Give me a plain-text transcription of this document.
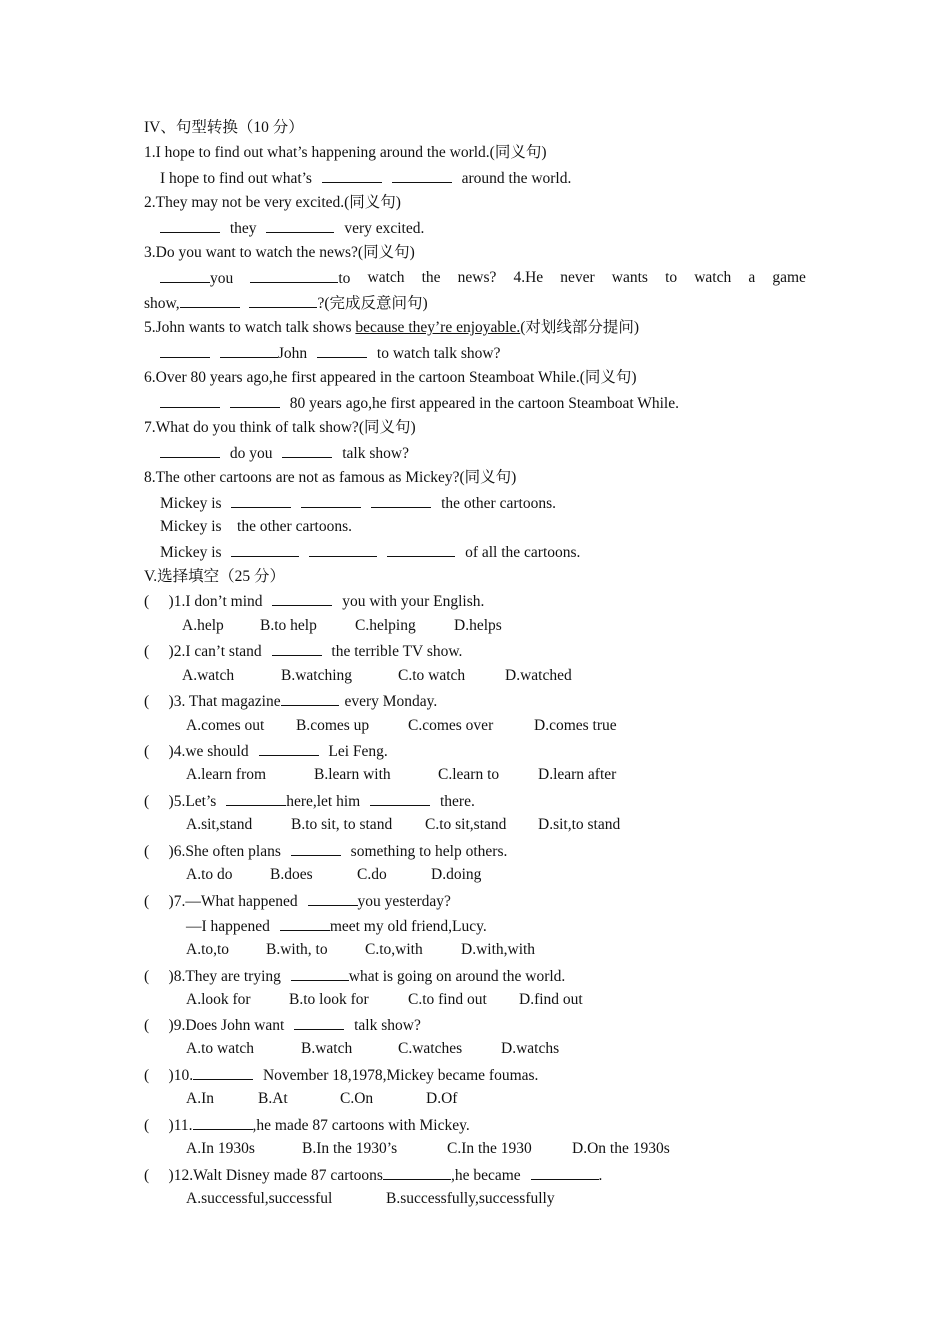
IV、句型转换（10 分）
1.I hope to find out what’s happening around the world.(同义句)
I hope to find out what’s	around the world.
2.They may not be very excited.(同义句)
they	very excited.
3.Do you want to watch the news?(同义句)
you	to watch the news? 4.He never wants to watch a game
show,	?(完成反意问句)
5.John wants to watch talk shows because they’re enjoyable.(对划线部分提问)
John	to watch talk show?
6.Over 80 years ago,he first appeared in the cartoon Steamboat While.(同义句)
80 years ago,he first appeared in the cartoon Steamboat While.
7.What do you think of talk show?(同义句)
do you	talk show?
8.The other cartoons are not as famous as Mickey?(同义句)
Mickey is	the other cartoons.
Mickey is    the other cartoons.
Mickey is	of all the cartoons.
V.选择填空（25 分）
(     )1.I don’t mind	you with your English.
A.help B.to help C.helping D.helps
(     )2.I can’t stand	the terrible TV show.
A.watch	B.watching	C.to watch	D.watched
(     )3. That magazine	every Monday.
A.comes out B.comes up	C.comes over	D.comes true
(     )4.we should	Lei Feng.
A.learn from	B.learn with	C.learn to	D.learn after
(     )5.Let’s	here,let him	there.
A.sit,stand B.to sit, to stand C.to sit,stand D.sit,to stand
(     )6.She often plans	something to help others.
A.to do B.does	C.do	D.doing
(     )7.—What happened	you yesterday?
—I happened	meet my old friend,Lucy.
A.to,to B.with, to C.to,with D.with,with
(     )8.They are trying	what is going on around the world.
A.look for B.to look for	C.to find out D.find out
(     )9.Does John want	talk show?
A.to watch	B.watch	C.watches	D.watchs
(     )10.	November 18,1978,Mickey became foumas.
A.In	B.At	C.On	D.Of
(     )11.	,he made 87 cartoons with Mickey.
A.In 1930s	B.In the 1930’s	C.In the 1930	D.On the 1930s
(     )12.Walt Disney made 87 cartoons	,he became	.
A.successful,successful	B.successfully,successfully
